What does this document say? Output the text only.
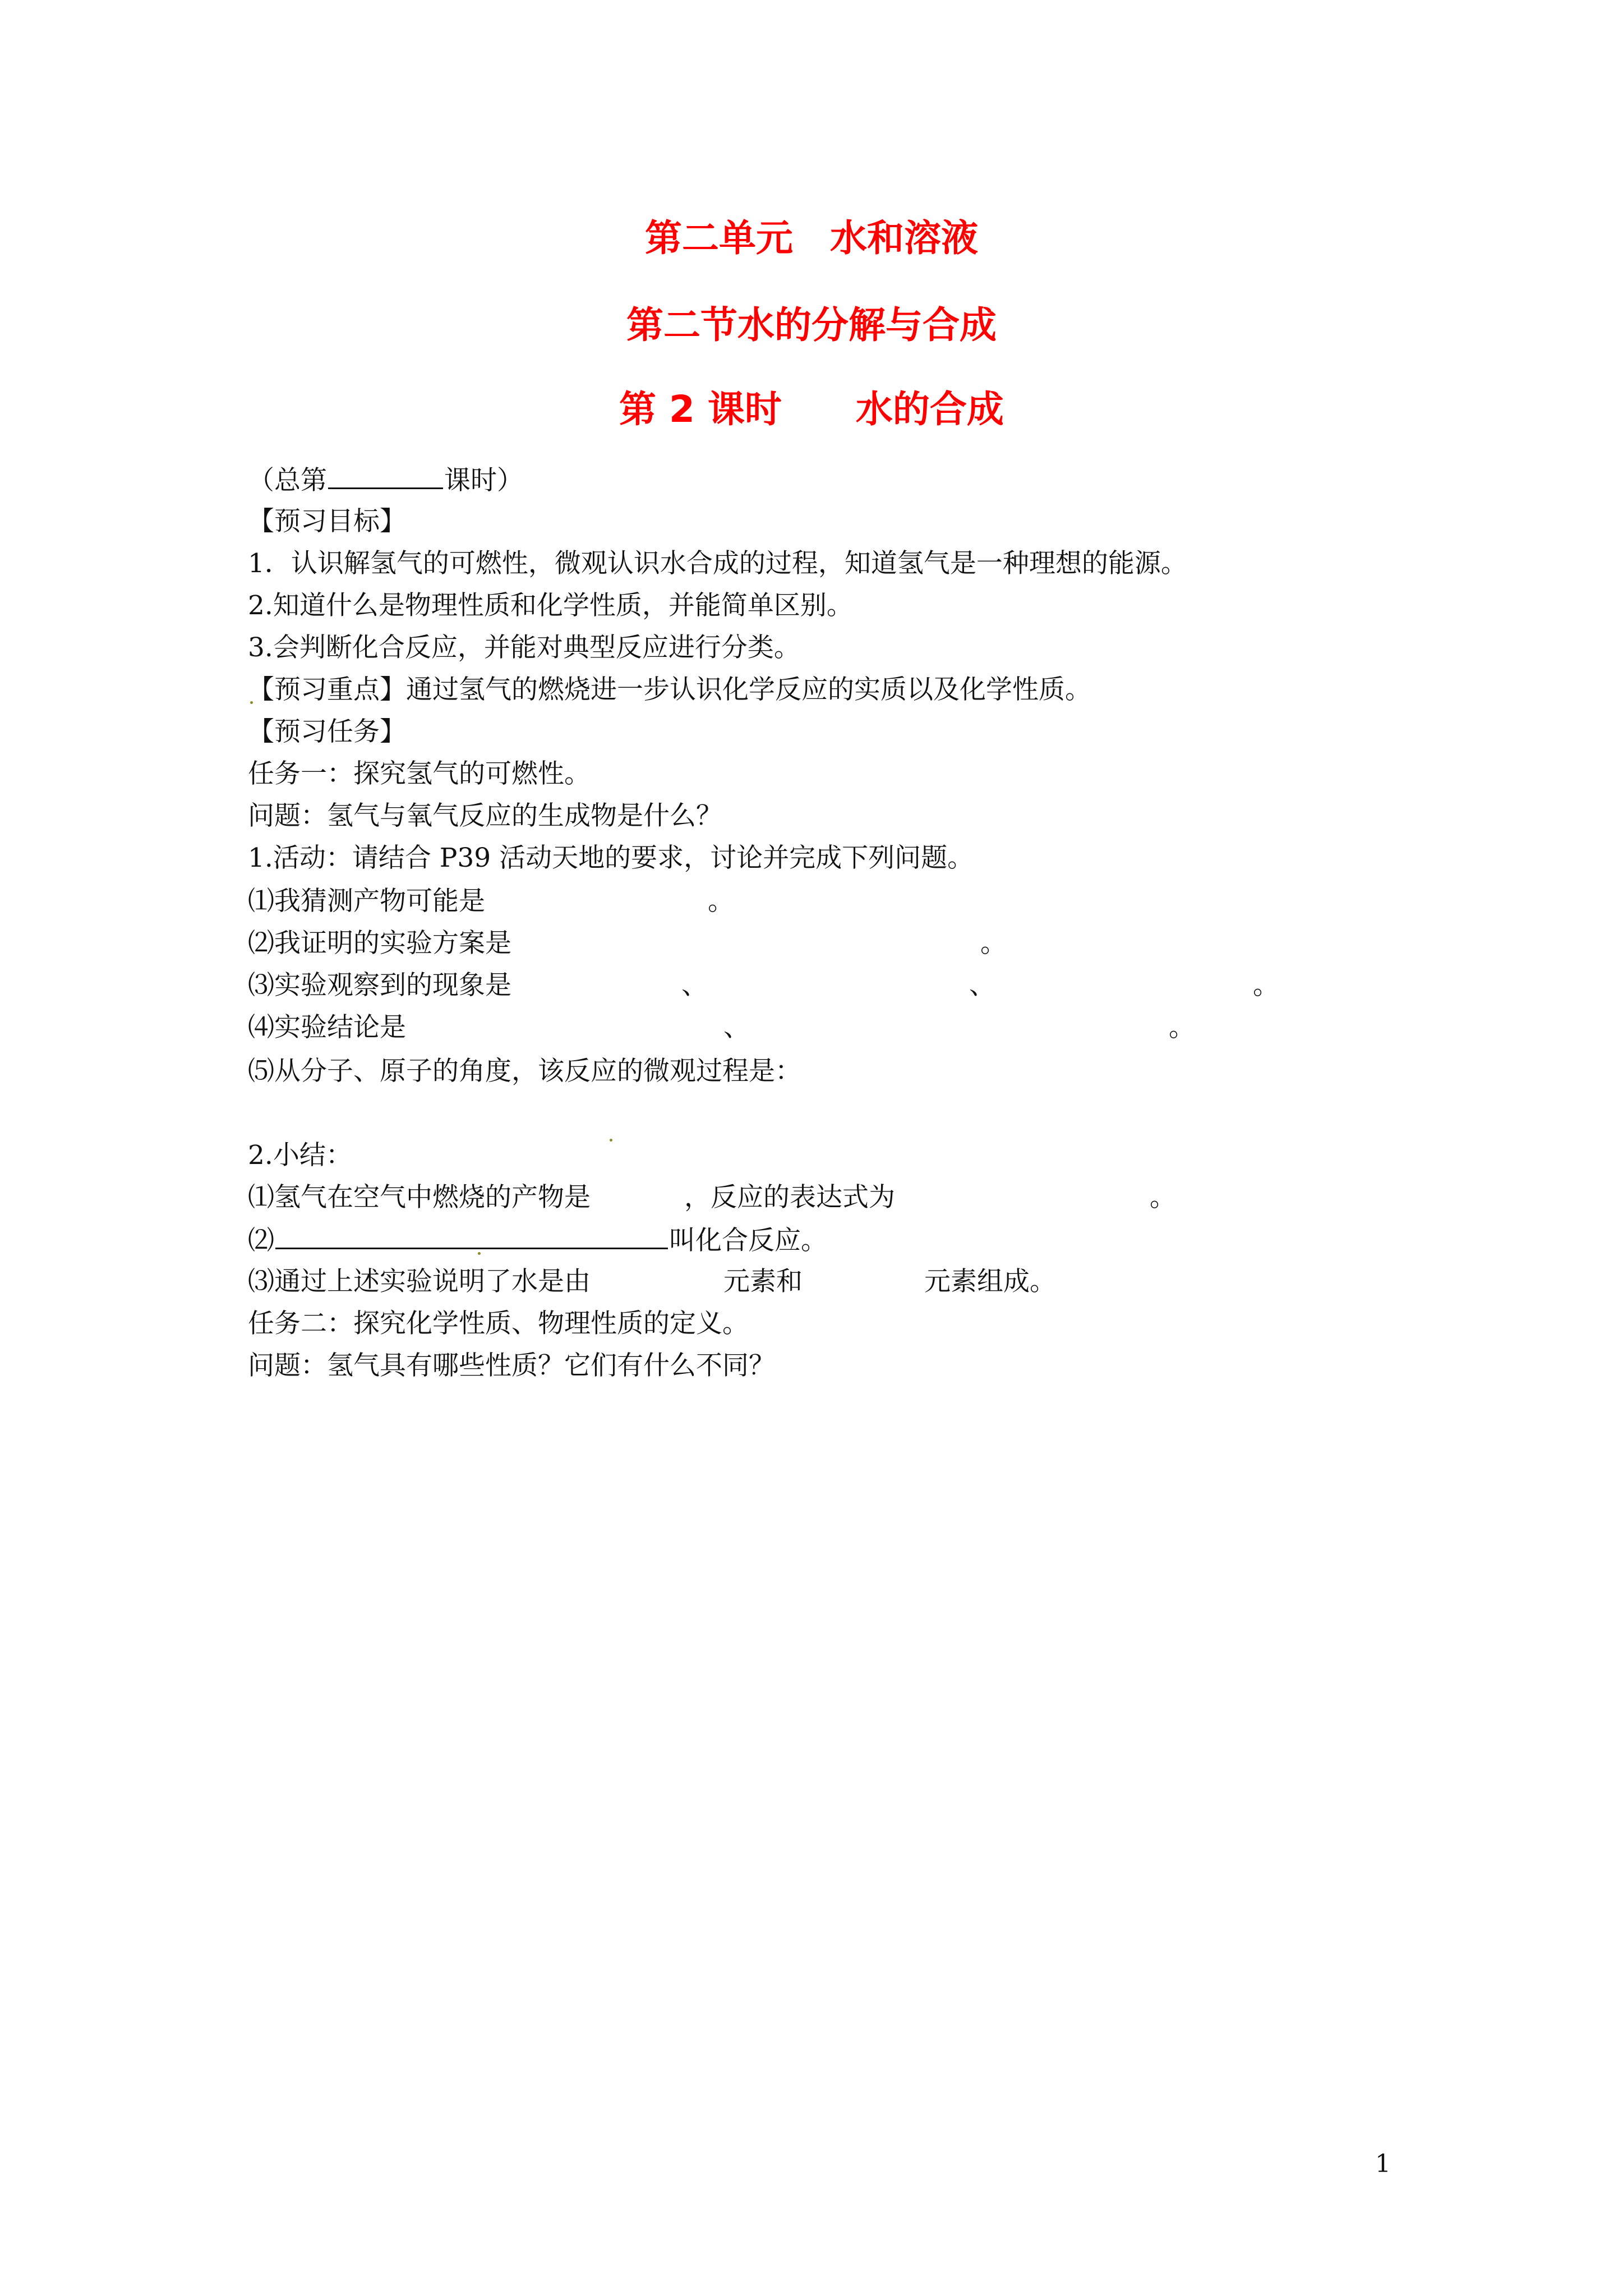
第二单元　水和溶液
第二节水的分解与合成
第 2 课时　　水的合成
（总第	课时）
【预习目标】
1．认识解氢气的可燃性，微观认识水合成的过程，知道氢气是一种理想的能源。
2.知道什么是物理性质和化学性质，并能简单区别。
3.会判断化合反应，并能对典型反应进行分类。
【预习重点】通过氢气的燃烧进一步认识化学反应的实质以及化学性质。
【预习任务】
任务一：探究氢气的可燃性。
问题：氢气与氧气反应的生成物是什么？
1.活动：请结合 P39 活动天地的要求，讨论并完成下列问题。
⑴我猜测产物可能是	。
⑵我证明的实验方案是	。
⑶实验观察到的现象是	、	、	。
⑷实验结论是	、	。
⑸从分子、原子的角度，该反应的微观过程是：
2.小结：
⑴氢气在空气中燃烧的产物是	，反应的表达式为	。
⑵	叫化合反应。
⑶通过上述实验说明了水是由	元素和	元素组成。
任务二：探究化学性质、物理性质的定义。
问题：氢气具有哪些性质？它们有什么不同？
1
